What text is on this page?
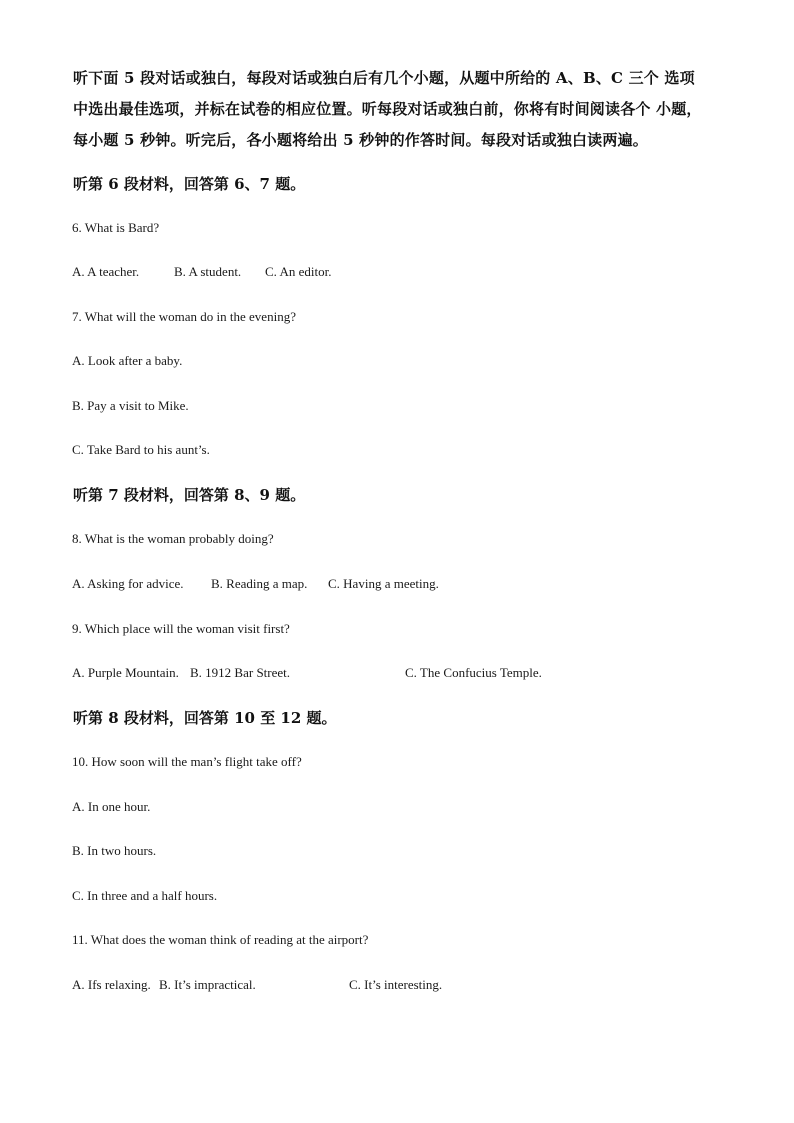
听下面 5 段对话或独白，每段对话或独白后有几个小题，从题中所给的 A、B、C 三个 选项
中选出最佳选项，并标在试卷的相应位置。听每段对话或独白前，你将有时间阅读各个 小题，
每小题 5 秒钟。听完后，各小题将给出 5 秒钟的作答时间。每段对话或独白读两遍。
听第 6 段材料，回答第 6、7 题。
6. What is Bard?
A. A teacher.	B. A student. C. An editor.
7. What will the woman do in the evening?
A. Look after a baby.
B. Pay a visit to Mike.
C. Take Bard to his aunt’s.
听第 7 段材料，回答第 8、9 题。
8. What is the woman probably doing?
A. Asking for advice. B. Reading a map. C. Having a meeting.
9. Which place will the woman visit first?
A. Purple Mountain. B. 1912 Bar Street.	C. The Confucius Temple.
听第 8 段材料，回答第 10 至 12 题。
10. How soon will the man’s flight take off?
A. In one hour.
B. In two hours.
C. In three and a half hours.
11. What does the woman think of reading at the airport?
A. Ifs relaxing. B. It’s impractical.	C. It’s interesting.
